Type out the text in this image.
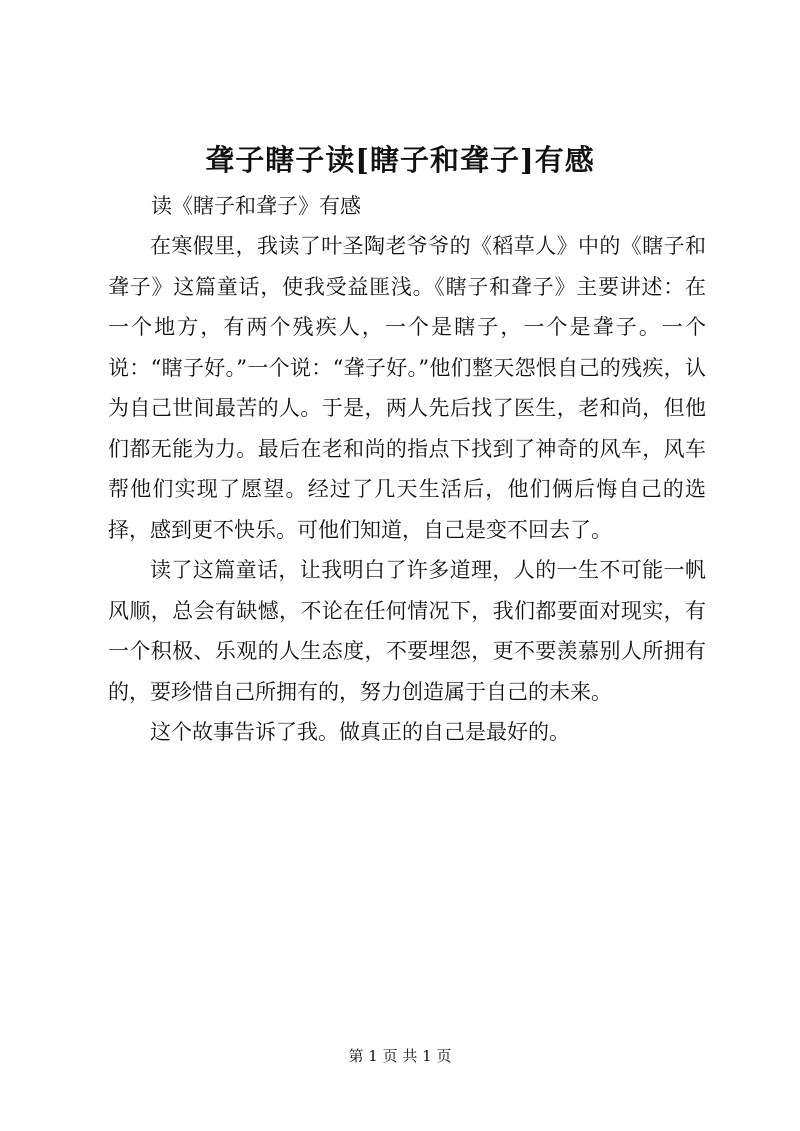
聋子瞎子读[瞎子和聋子]有感

读《瞎子和聋子》有感

在寒假里，我读了叶圣陶老爷爷的《稻草人》中的《瞎子和聋子》这篇童话，使我受益匪浅。《瞎子和聋子》主要讲述：在一个地方，有两个残疾人，一个是瞎子，一个是聋子。一个说：“瞎子好。”一个说：“聋子好。”他们整天怨恨自己的残疾，认为自己世间最苦的人。于是，两人先后找了医生，老和尚，但他们都无能为力。最后在老和尚的指点下找到了神奇的风车，风车帮他们实现了愿望。经过了几天生活后，他们俩后悔自己的选择，感到更不快乐。可他们知道，自己是变不回去了。

读了这篇童话，让我明白了许多道理，人的一生不可能一帆风顺，总会有缺憾，不论在任何情况下，我们都要面对现实，有一个积极、乐观的人生态度，不要埋怨，更不要羡慕别人所拥有的，要珍惜自己所拥有的，努力创造属于自己的未来。

这个故事告诉了我。做真正的自己是最好的。

第 1 页 共 1 页
